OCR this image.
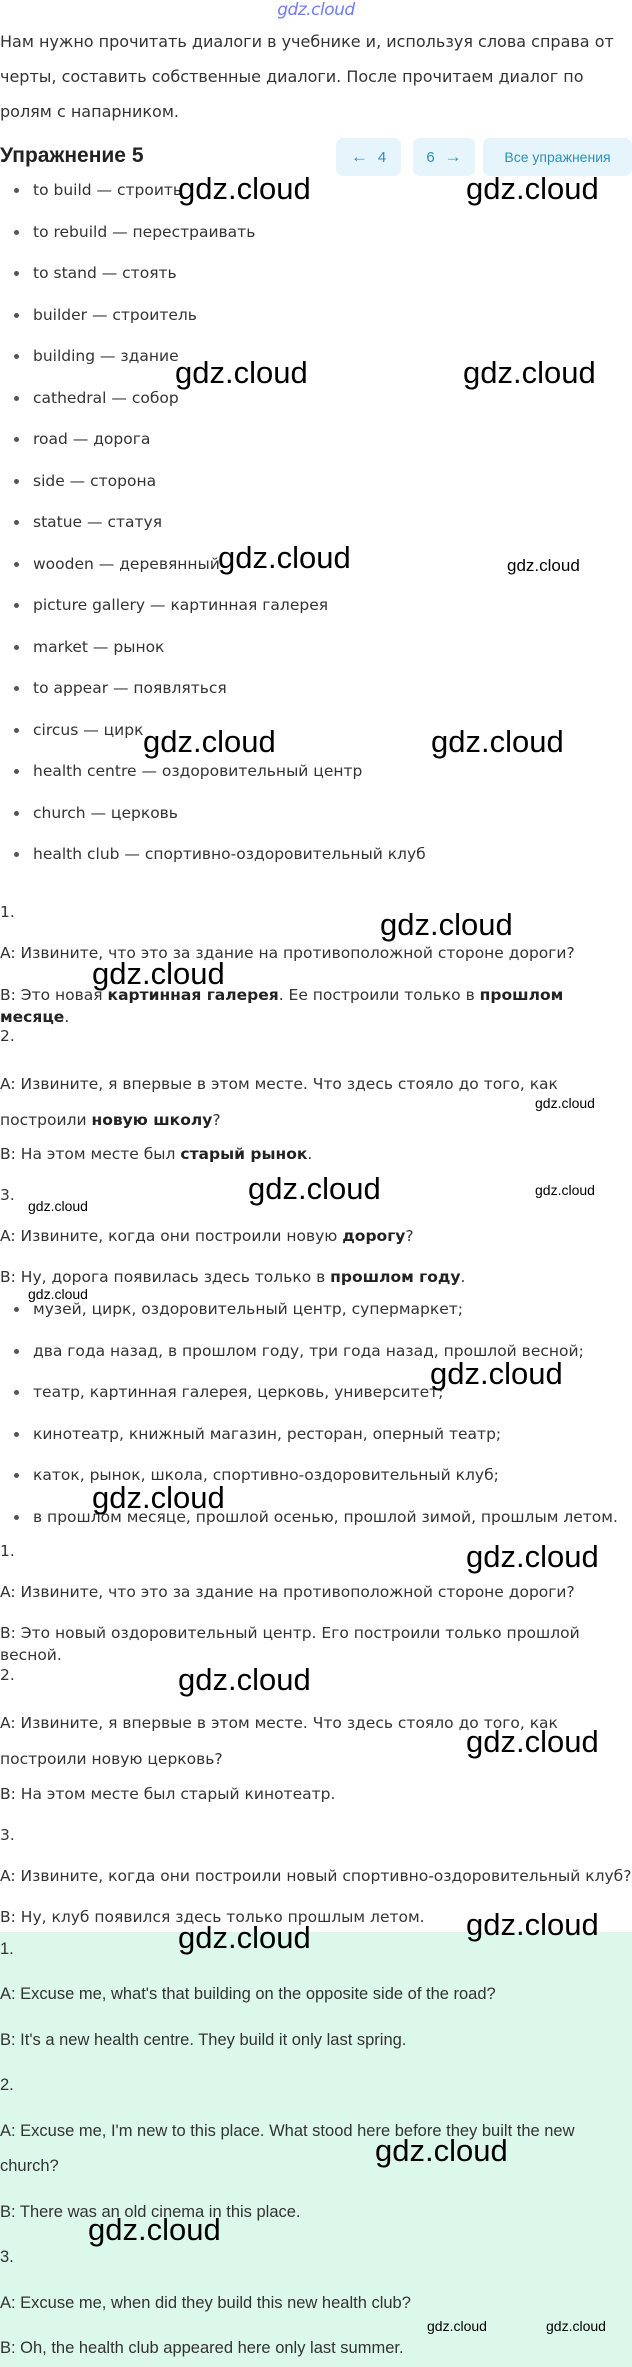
gdz.cloud

Нам нужно прочитать диалоги в учебнике и, используя слова справа от черты, составить собственные диалоги. После прочитаем диалог по ролям с напарником.

Упражнение 5	← 4	6 →	Все упражнения
to build — строить
to rebuild — перестраивать
to stand — стоять
builder — строитель
building — здание
cathedral — собор
road — дорога
side — сторона
statue — статуя
wooden — деревянный
picture gallery — картинная галерея
market — рынок
to appear — появляться
circus — цирк
health centre — оздоровительный центр
church — церковь
health club — спортивно-оздоровительный клуб

1.

A: Извините, что это за здание на противоположной стороне дороги?

B: Это новая картинная галерея. Ее построили только в прошлом месяце.

2.

A: Извините, я впервые в этом месте. Что здесь стояло до того, как построили новую школу?

B: На этом месте был старый рынок.

3.

A: Извините, когда они построили новую дорогу?

B: Ну, дорога появилась здесь только в прошлом году.

музей, цирк, оздоровительный центр, супермаркет;
два года назад, в прошлом году, три года назад, прошлой весной;
театр, картинная галерея, церковь, университет;
кинотеатр, книжный магазин, ресторан, оперный театр;
каток, рынок, школа, спортивно-оздоровительный клуб;
в прошлом месяце, прошлой осенью, прошлой зимой, прошлым летом.

1.

A: Извините, что это за здание на противоположной стороне дороги?

B: Это новый оздоровительный центр. Его построили только прошлой весной.

2.

A: Извините, я впервые в этом месте. Что здесь стояло до того, как построили новую церковь?

B: На этом месте был старый кинотеатр.

3.

A: Извините, когда они построили новый спортивно-оздоровительный клуб?

B: Ну, клуб появился здесь только прошлым летом.

1.

A: Excuse me, what's that building on the opposite side of the road?

B: It's a new health centre. They build it only last spring.

2.

A: Excuse me, I'm new to this place. What stood here before they built the new church?

B: There was an old cinema in this place.

3.

A: Excuse me, when did they build this new health club?

B: Oh, the health club appeared here only last summer.

gdz.cloud	gdz.cloud
gdz.cloud	gdz.cloud
gdz.cloud	gdz.cloud
gdz.cloud	gdz.cloud
gdz.cloud
gdz.cloud
gdz.cloud
gdz.cloud	gdz.cloud
gdz.cloud
gdz.cloud
gdz.cloud
gdz.cloud
gdz.cloud
gdz.cloud
gdz.cloud
gdz.cloud
gdz.cloud
gdz.cloud
gdz.cloud
gdz.cloud	gdz.cloud
